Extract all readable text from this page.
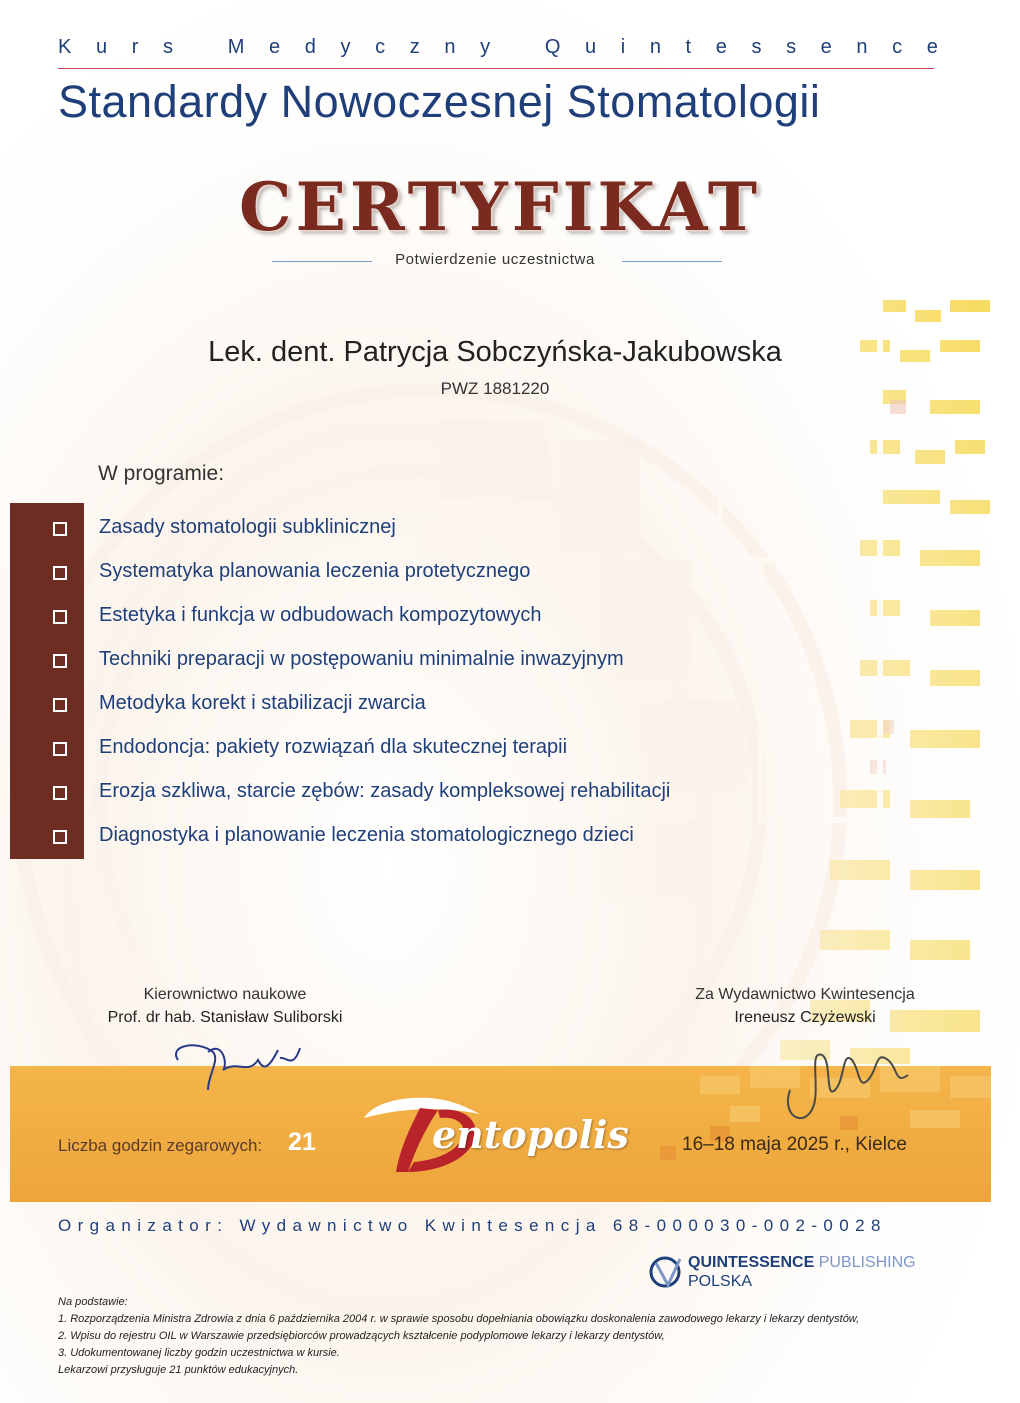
K u r s
	M e d y c z n y
	Q u i n t e s s e n c e
Standardy Nowoczesnej Stomatologii
CERTYFIKAT
Potwierdzenie uczestnictwa
Lek. dent. Patrycja Sobczyńska-Jakubowska
PWZ 1881220
W programie:
Zasady stomatologii subklinicznej
Systematyka planowania leczenia protetycznego
Estetyka i funkcja w odbudowach kompozytowych
Techniki preparacji w postępowaniu minimalnie inwazyjnym
Metodyka korekt i stabilizacji zwarcia
Endodoncja: pakiety rozwiązań dla skutecznej terapii
Erozja szkliwa, starcie zębów: zasady kompleksowej rehabilitacji
Diagnostyka i planowanie leczenia stomatologicznego dzieci
Kierownictwo naukowe
Prof. dr hab. Stanisław Suliborski
Za Wydawnictwo Kwintesencja
Ireneusz Czyżewski
Liczba godzin zegarowych: 21	entopolis	16–18 maja 2025 r., Kielce
Organizator: Wydawnictwo Kwintesencja 68-000030-002-0028
QUINTESSENCE PUBLISHING
POLSKA
Na podstawie:
1. Rozporządzenia Ministra Zdrowia z dnia 6 października 2004 r. w sprawie sposobu dopełniania obowiązku doskonalenia zawodowego lekarzy i lekarzy dentystów,
2. Wpisu do rejestru OIL w Warszawie przedsiębiorców prowadzących kształcenie podyplomowe lekarzy i lekarzy dentystów,
3. Udokumentowanej liczby godzin uczestnictwa w kursie.
Lekarzowi przysługuje 21 punktów edukacyjnych.
